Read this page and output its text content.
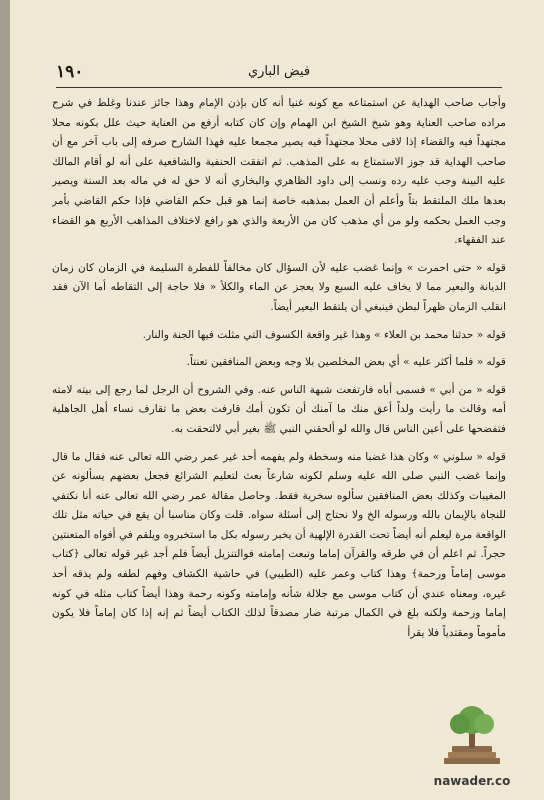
١٩٠	فيض الباري

وأجاب صاحب الهداية عن استمتاعه مع كونه غنيا أنه كان بإذن الإمام وهذا جائز عندنا وغلط في شرح مراده صاحب العناية وهو شيخ الشيخ ابن الهمام وإن كان كتابه أرفع من العناية حيث علل بكونه محلا مجتهداً فيه والقضاء إذا لاقى محلا مجتهداً فيه يصير مجمعا عليه فهذا الشارح صرفه إلى باب آخر مع أن صاحب الهداية قد جوز الاستمتاع به على المذهب. ثم اتفقت الحنفية والشافعية على أنه لو أقام المالك عليه البينة وجب عليه رده ونسب إلى داود الظاهري والبخاري أنه لا حق له في ماله بعد السنة ويصير بعدها ملك الملتقط بتاً وأعلم أن العمل بمذهبه خاصة إنما هو قبل حكم القاضي فإذا حكم القاضي بأمر وجب العمل بحكمه ولو من أي مذهب كان من الأربعة والذي هو رافع لاختلاف المذاهب الأربع هو القضاء عند الفقهاء.

قوله « حتى احمرت » وإنما غضب عليه لأن السؤال كان مخالفاً للفطرة السليمة في الزمان كان زمان الديانة والبعير مما لا يخاف عليه السبع ولا يعجز عن الماء والكلأ « فلا حاجة إلى التقاطه أما الآن فقد انقلب الزمان ظهراً لبطن فينبغي أن يلتقط البعير أيضاً.

قوله « حدثنا محمد بن العلاء » وهذا غير واقعة الكسوف التي مثلت فيها الجنة والنار.

قوله « فلما أكثر عليه » أي بعض المخلصين بلا وجه وبعض المنافقين تعنتاً.

قوله « من أبي » فسمى أباه فارتفعت شبهة الناس عنه. وفي الشروح أن الرجل لما رجع إلى بيته لامته أمه وقالت ما رأيت ولداً أعق منك ما آمنك أن تكون أمك قارفت بعض ما تقارف نساء أهل الجاهلية فتفضحها على أعين الناس قال والله لو ألحقني النبي ﷺ بغير أبي لالتحقت به.

قوله « سلوني » وكان هذا غضبا منه وسخطة ولم يفهمه أحد غير عمر رضي الله تعالى عنه فقال ما قال وإنما غضب النبي صلى الله عليه وسلم لكونه شارعاً بعث لتعليم الشرائع فجعل بعضهم يسألونه عن المغيبات وكذلك بعض المنافقين سألوه سخرية فقط. وحاصل مقالة عمر رضي الله تعالى عنه أنا نكتفي للنجاة بالإيمان بالله ورسوله الخ ولا نحتاج إلى أسئلة سواه. قلت وكان مناسبا أن يقع في حياته مثل تلك الواقعة مرة ليعلم أنه أيضاً تحت القدرة الإلهية أن يخبر رسوله بكل ما استخبروه ويلقم في أفواه المتعنتين حجراً. ثم اعلم أن في طرقه والقرآن إماما وتبعت إمامته فوالتنزيل أيضاً فلم أجد غير قوله تعالى ﴿كتاب موسى إماماً ورحمة﴾ وهذا كتاب وعمر عليه (الطيبي) في حاشية الكشاف وفهم لطفه ولم يذقه أحد غيره، ومعناه عندي أن كتاب موسى مع جلالة شأنه وإمامته وكونه رحمة وهذا أيضاً كتاب مثله في كونه إماما ورحمة ولكنه بلغ في الكمال مرتبة صار مصدقاً لذلك الكتاب أيضاً ثم إنه إذا كان إماماً فلا يكون مأموماً ومقتدياً فلا يقرأ

nawader.co
